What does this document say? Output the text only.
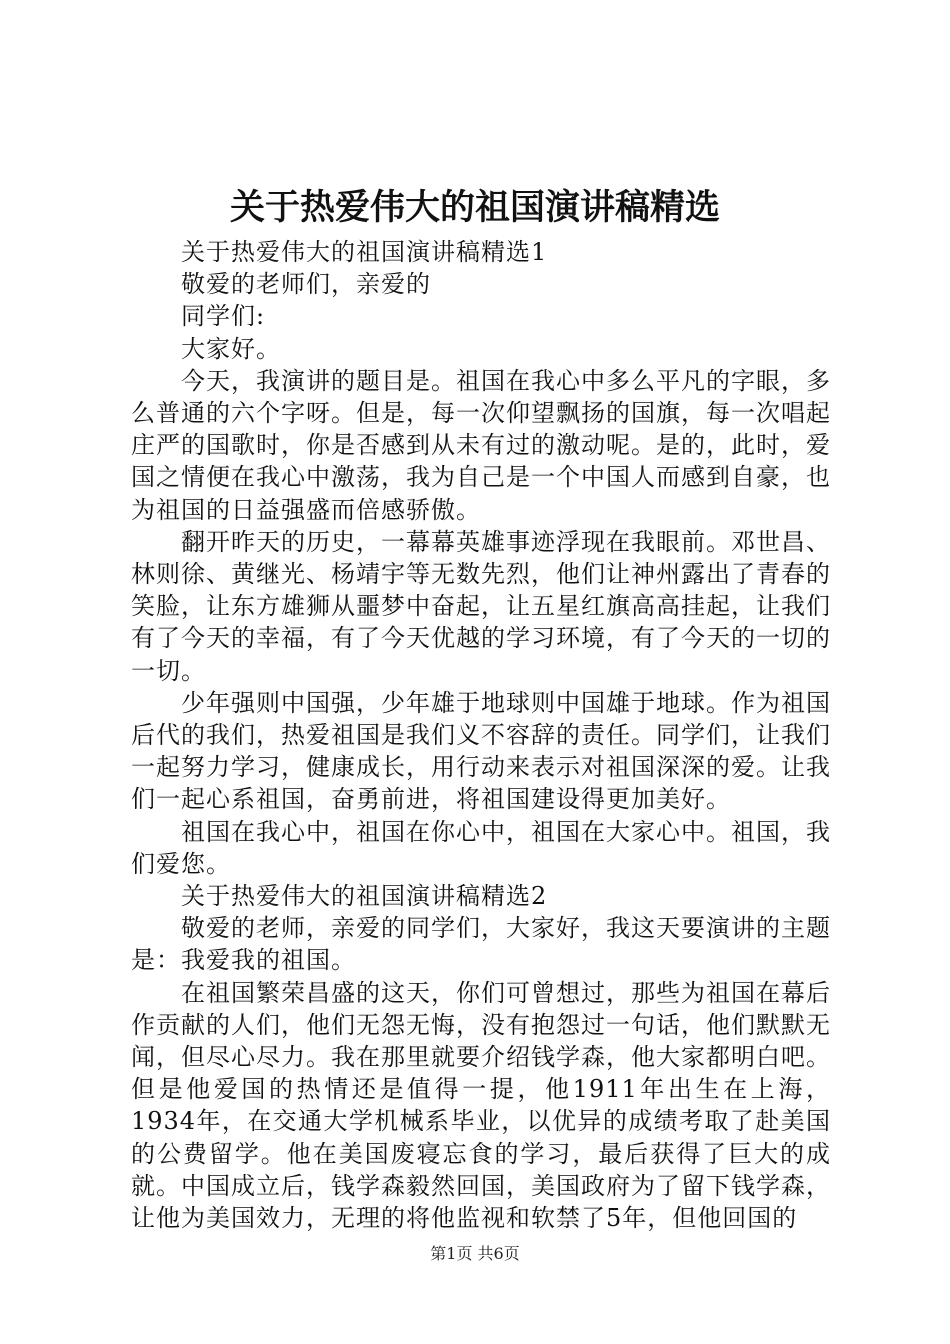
关于热爱伟大的祖国演讲稿精选

关于热爱伟大的祖国演讲稿精选1

敬爱的老师们，亲爱的

同学们:

大家好。

今天，我演讲的题目是。祖国在我心中多么平凡的字眼，多么普通的六个字呀。但是，每一次仰望飘扬的国旗，每一次唱起庄严的国歌时，你是否感到从未有过的激动呢。是的，此时，爱国之情便在我心中激荡，我为自己是一个中国人而感到自豪，也为祖国的日益强盛而倍感骄傲。

翻开昨天的历史，一幕幕英雄事迹浮现在我眼前。邓世昌、林则徐、黄继光、杨靖宇等无数先烈，他们让神州露出了青春的笑脸，让东方雄狮从噩梦中奋起，让五星红旗高高挂起，让我们有了今天的幸福，有了今天优越的学习环境，有了今天的一切的一切。

少年强则中国强，少年雄于地球则中国雄于地球。作为祖国后代的我们，热爱祖国是我们义不容辞的责任。同学们，让我们一起努力学习，健康成长，用行动来表示对祖国深深的爱。让我们一起心系祖国，奋勇前进，将祖国建设得更加美好。

祖国在我心中，祖国在你心中，祖国在大家心中。祖国，我们爱您。

关于热爱伟大的祖国演讲稿精选2

敬爱的老师，亲爱的同学们，大家好，我这天要演讲的主题是：我爱我的祖国。

在祖国繁荣昌盛的这天，你们可曾想过，那些为祖国在幕后作贡献的人们，他们无怨无悔，没有抱怨过一句话，他们默默无闻，但尽心尽力。我在那里就要介绍钱学森，他大家都明白吧。但是他爱国的热情还是值得一提，他1911年出生在上海，1934年，在交通大学机械系毕业，以优异的成绩考取了赴美国的公费留学。他在美国废寝忘食的学习，最后获得了巨大的成就。中国成立后，钱学森毅然回国，美国政府为了留下钱学森，让他为美国效力，无理的将他监视和软禁了5年，但他回国的

第1页 共6页
